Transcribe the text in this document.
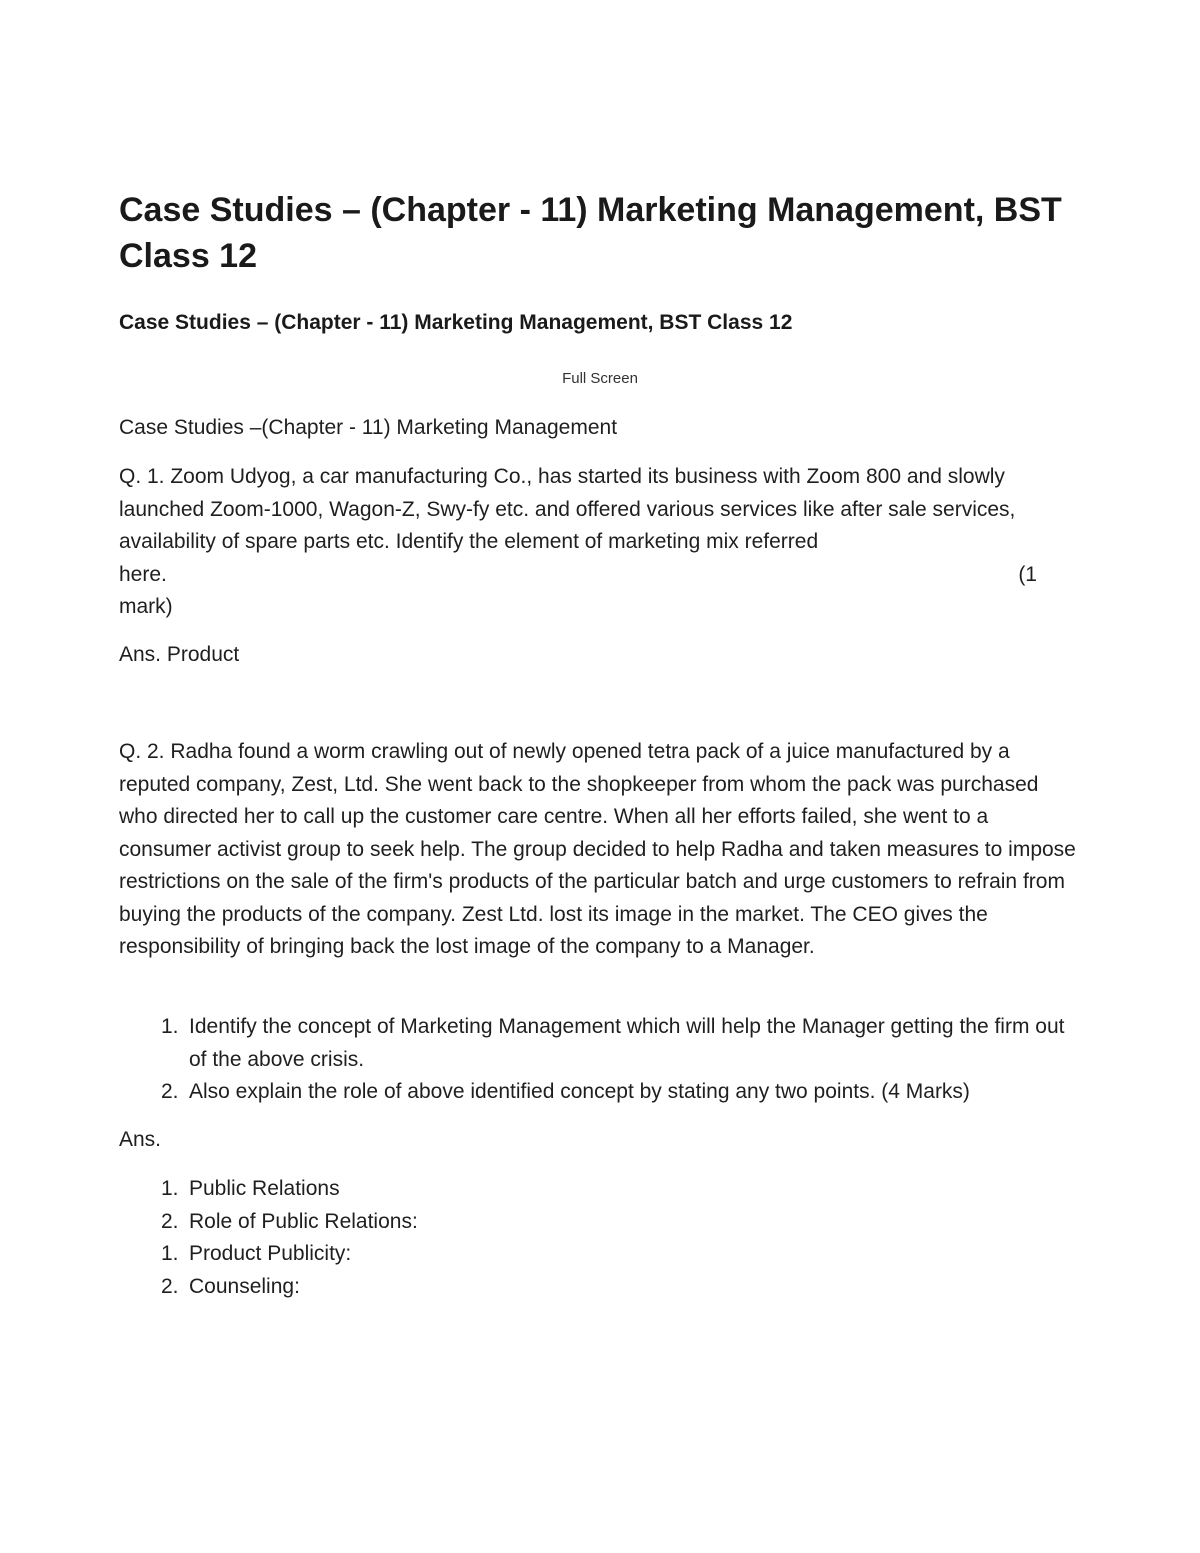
Case Studies – (Chapter - 11) Marketing Management, BST Class 12
Case Studies – (Chapter - 11) Marketing Management, BST Class 12
Full Screen

Case Studies –(Chapter - 11) Marketing Management

Q. 1. Zoom Udyog, a car manufacturing Co., has started its business with Zoom 800 and slowly launched Zoom-1000, Wagon-Z, Swy-fy etc. and offered various services like after sale services, availability of spare parts etc. Identify the element of marketing mix referred
here.	(1
mark)

Ans. Product

Q. 2. Radha found a worm crawling out of newly opened tetra pack of a juice manufactured by a reputed company, Zest, Ltd. She went back to the shopkeeper from whom the pack was purchased who directed her to call up the customer care centre. When all her efforts failed, she went to a consumer activist group to seek help. The group decided to help Radha and taken measures to impose restrictions on the sale of the firm's products of the particular batch and urge customers to refrain from buying the products of the company. Zest Ltd. lost its image in the market. The CEO gives the responsibility of bringing back the lost image of the company to a Manager.

1. Identify the concept of Marketing Management which will help the Manager getting the firm out of the above crisis.
2. Also explain the role of above identified concept by stating any two points. (4 Marks)

Ans.

1. Public Relations
2. Role of Public Relations:
1. Product Publicity:
2. Counseling:
